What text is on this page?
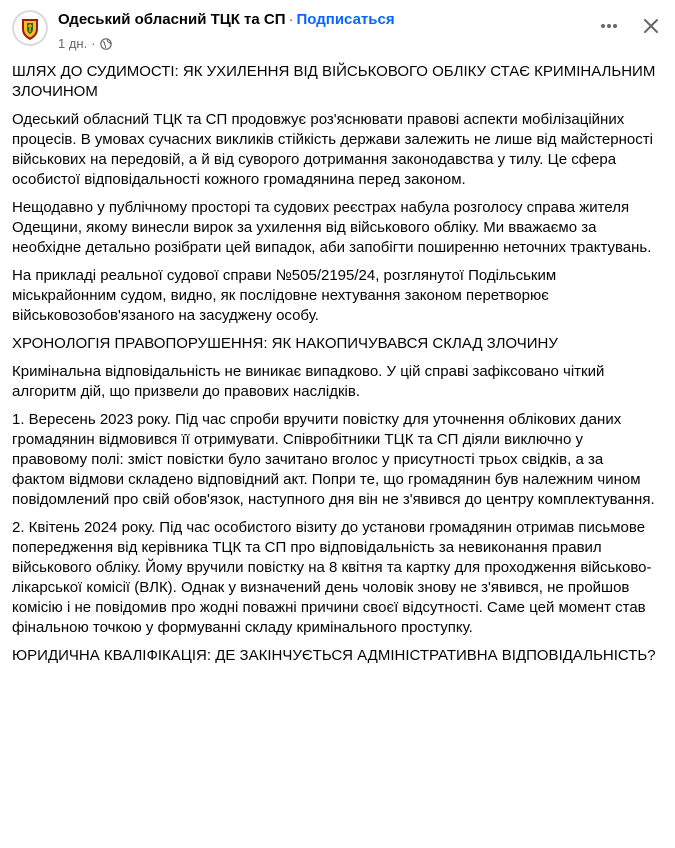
Одеський обласний ТЦК та СП · Подписаться
1 дн. ·

ШЛЯХ ДО СУДИМОСТІ: ЯК УХИЛЕННЯ ВІД ВІЙСЬКОВОГО ОБЛІКУ СТАЄ КРИМІНАЛЬНИМ ЗЛОЧИНОМ

Одеський обласний ТЦК та СП продовжує роз'яснювати правові аспекти мобілізаційних процесів. В умовах сучасних викликів стійкість держави залежить не лише від майстерності військових на передовій, а й від суворого дотримання законодавства у тилу. Це сфера особистої відповідальності кожного громадянина перед законом.

Нещодавно у публічному просторі та судових реєстрах набула розголосу справа жителя Одещини, якому винесли вирок за ухилення від військового обліку. Ми вважаємо за необхідне детально розібрати цей випадок, аби запобігти поширенню неточних трактувань.

На прикладі реальної судової справи №505/2195/24, розглянутої Подільським міськрайонним судом, видно, як послідовне нехтування законом перетворює військовозобов'язаного на засуджену особу.

ХРОНОЛОГІЯ ПРАВОПОРУШЕННЯ: ЯК НАКОПИЧУВАВСЯ СКЛАД ЗЛОЧИНУ

Кримінальна відповідальність не виникає випадково. У цій справі зафіксовано чіткий алгоритм дій, що призвели до правових наслідків.

1. Вересень 2023 року. Під час спроби вручити повістку для уточнення облікових даних громадянин відмовився її отримувати. Співробітники ТЦК та СП діяли виключно у правовому полі: зміст повістки було зачитано вголос у присутності трьох свідків, а за фактом відмови складено відповідний акт. Попри те, що громадянин був належним чином повідомлений про свій обов'язок, наступного дня він не з'явився до центру комплектування.

2. Квітень 2024 року. Під час особистого візиту до установи громадянин отримав письмове попередження від керівника ТЦК та СП про відповідальність за невиконання правил військового обліку. Йому вручили повістку на 8 квітня та картку для проходження військово-лікарської комісії (ВЛК). Однак у визначений день чоловік знову не з'явився, не пройшов комісію і не повідомив про жодні поважні причини своєї відсутності. Саме цей момент став фінальною точкою у формуванні складу кримінального проступку.

ЮРИДИЧНА КВАЛІФІКАЦІЯ: ДЕ ЗАКІНЧУЄТЬСЯ АДМІНІСТРАТИВНА ВІДПОВІДАЛЬНІСТЬ?
